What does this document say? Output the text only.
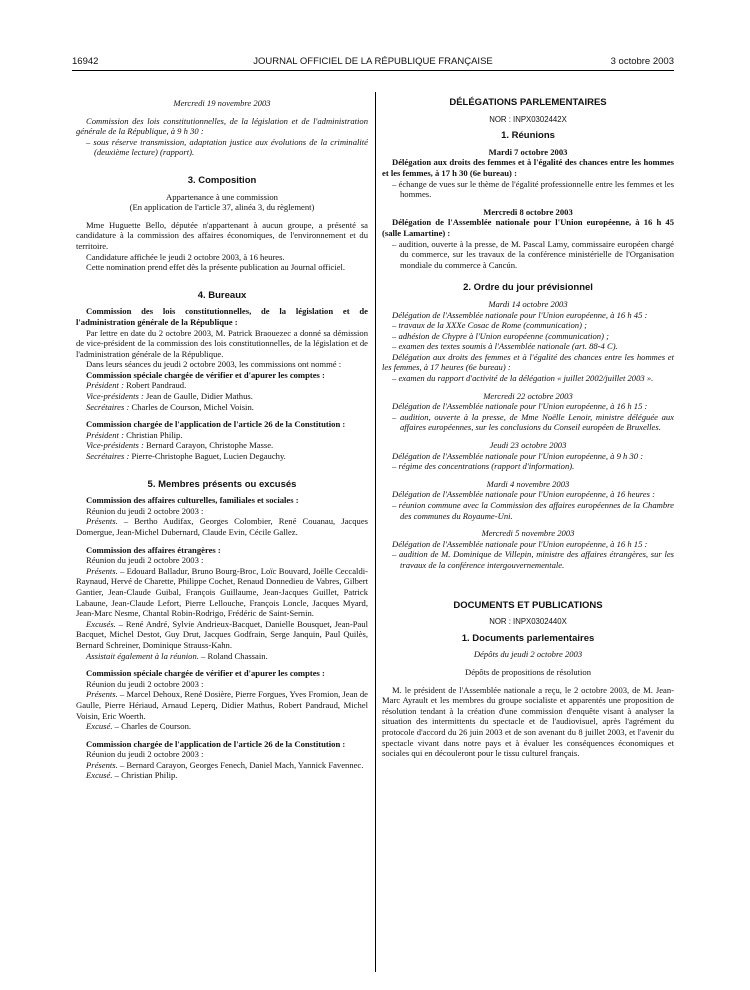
16942	JOURNAL OFFICIEL DE LA RÉPUBLIQUE FRANÇAISE	3 octobre 2003

Mercredi 19 novembre 2003

Commission des lois constitutionnelles, de la législation et de l'administration générale de la République, à 9 h 30 :

– sous réserve transmission, adaptation justice aux évolutions de la criminalité (deuxième lecture) (rapport).

3. Composition

Appartenance à une commission

(En application de l'article 37, alinéa 3, du règlement)

Mme Huguette Bello, députée n'appartenant à aucun groupe, a présenté sa candidature à la commission des affaires économiques, de l'environnement et du territoire.

Candidature affichée le jeudi 2 octobre 2003, à 16 heures.

Cette nomination prend effet dès la présente publication au Journal officiel.

4. Bureaux

Commission des lois constitutionnelles, de la législation et de l'administration générale de la République :

Par lettre en date du 2 octobre 2003, M. Patrick Braouezec a donné sa démission de vice-président de la commission des lois constitutionnelles, de la législation et de l'administration générale de la République.

Dans leurs séances du jeudi 2 octobre 2003, les commissions ont nommé :

Commission spéciale chargée de vérifier et d'apurer les comptes :

Président : Robert Pandraud.

Vice-présidents : Jean de Gaulle, Didier Mathus.

Secrétaires : Charles de Courson, Michel Voisin.

Commission chargée de l'application de l'article 26 de la Constitution :

Président : Christian Philip.

Vice-présidents : Bernard Carayon, Christophe Masse.

Secrétaires : Pierre-Christophe Baguet, Lucien Degauchy.

5. Membres présents ou excusés

Commission des affaires culturelles, familiales et sociales :

Réunion du jeudi 2 octobre 2003 :

Présents. – Bertho Audifax, Georges Colombier, René Couanau, Jacques Domergue, Jean-Michel Dubernard, Claude Evin, Cécile Gallez.

Commission des affaires étrangères :

Réunion du jeudi 2 octobre 2003 :

Présents. – Edouard Balladur, Bruno Bourg-Broc, Loïc Bouvard, Joëlle Ceccaldi-Raynaud, Hervé de Charette, Philippe Cochet, Renaud Donnedieu de Vabres, Gilbert Gantier, Jean-Claude Guibal, François Guillaume, Jean-Jacques Guillet, Patrick Labaune, Jean-Claude Lefort, Pierre Lellouche, François Loncle, Jacques Myard, Jean-Marc Nesme, Chantal Robin-Rodrigo, Frédéric de Saint-Sernin.

Excusés. – René André, Sylvie Andrieux-Bacquet, Danielle Bousquet, Jean-Paul Bacquet, Michel Destot, Guy Drut, Jacques Godfrain, Serge Janquin, Paul Quilès, Bernard Schreiner, Dominique Strauss-Kahn.

Assistait également à la réunion. – Roland Chassain.

Commission spéciale chargée de vérifier et d'apurer les comptes :

Réunion du jeudi 2 octobre 2003 :

Présents. – Marcel Dehoux, René Dosière, Pierre Forgues, Yves Fromion, Jean de Gaulle, Pierre Hériaud, Arnaud Leperq, Didier Mathus, Robert Pandraud, Michel Voisin, Eric Woerth.

Excusé. – Charles de Courson.

Commission chargée de l'application de l'article 26 de la Constitution :

Réunion du jeudi 2 octobre 2003 :

Présents. – Bernard Carayon, Georges Fenech, Daniel Mach, Yannick Favennec.

Excusé. – Christian Philip.

DÉLÉGATIONS PARLEMENTAIRES

NOR : INPX0302442X

1. Réunions

Mardi 7 octobre 2003

Délégation aux droits des femmes et à l'égalité des chances entre les hommes et les femmes, à 17 h 30 (6e bureau) :

– échange de vues sur le thème de l'égalité professionnelle entre les femmes et les hommes.

Mercredi 8 octobre 2003

Délégation de l'Assemblée nationale pour l'Union européenne, à 16 h 45 (salle Lamartine) :

– audition, ouverte à la presse, de M. Pascal Lamy, commissaire européen chargé du commerce, sur les travaux de la conférence ministérielle de l'Organisation mondiale du commerce à Cancún.

2. Ordre du jour prévisionnel

Mardi 14 octobre 2003

Délégation de l'Assemblée nationale pour l'Union européenne, à 16 h 45 :

– travaux de la XXXe Cosac de Rome (communication) ;

– adhésion de Chypre à l'Union européenne (communication) ;

– examen des textes soumis à l'Assemblée nationale (art. 88-4 C).

Délégation aux droits des femmes et à l'égalité des chances entre les hommes et les femmes, à 17 heures (6e bureau) :

– examen du rapport d'activité de la délégation « juillet 2002/juillet 2003 ».

Mercredi 22 octobre 2003

Délégation de l'Assemblée nationale pour l'Union européenne, à 16 h 15 :

– audition, ouverte à la presse, de Mme Noëlle Lenoir, ministre déléguée aux affaires européennes, sur les conclusions du Conseil européen de Bruxelles.

Jeudi 23 octobre 2003

Délégation de l'Assemblée nationale pour l'Union européenne, à 9 h 30 :

– régime des concentrations (rapport d'information).

Mardi 4 novembre 2003

Délégation de l'Assemblée nationale pour l'Union européenne, à 16 heures :

– réunion commune avec la Commission des affaires européennes de la Chambre des communes du Royaume-Uni.

Mercredi 5 novembre 2003

Délégation de l'Assemblée nationale pour l'Union européenne, à 16 h 15 :

– audition de M. Dominique de Villepin, ministre des affaires étrangères, sur les travaux de la conférence intergouvernementale.

DOCUMENTS ET PUBLICATIONS

NOR : INPX0302440X

1. Documents parlementaires

Dépôts du jeudi 2 octobre 2003

Dépôts de propositions de résolution

M. le président de l'Assemblée nationale a reçu, le 2 octobre 2003, de M. Jean-Marc Ayrault et les membres du groupe socialiste et apparentés une proposition de résolution tendant à la création d'une commission d'enquête visant à analyser la situation des intermittents du spectacle et de l'audiovisuel, après l'agrément du protocole d'accord du 26 juin 2003 et de son avenant du 8 juillet 2003, et l'avenir du spectacle vivant dans notre pays et à évaluer les conséquences économiques et sociales qui en découleront pour le tissu culturel français.
